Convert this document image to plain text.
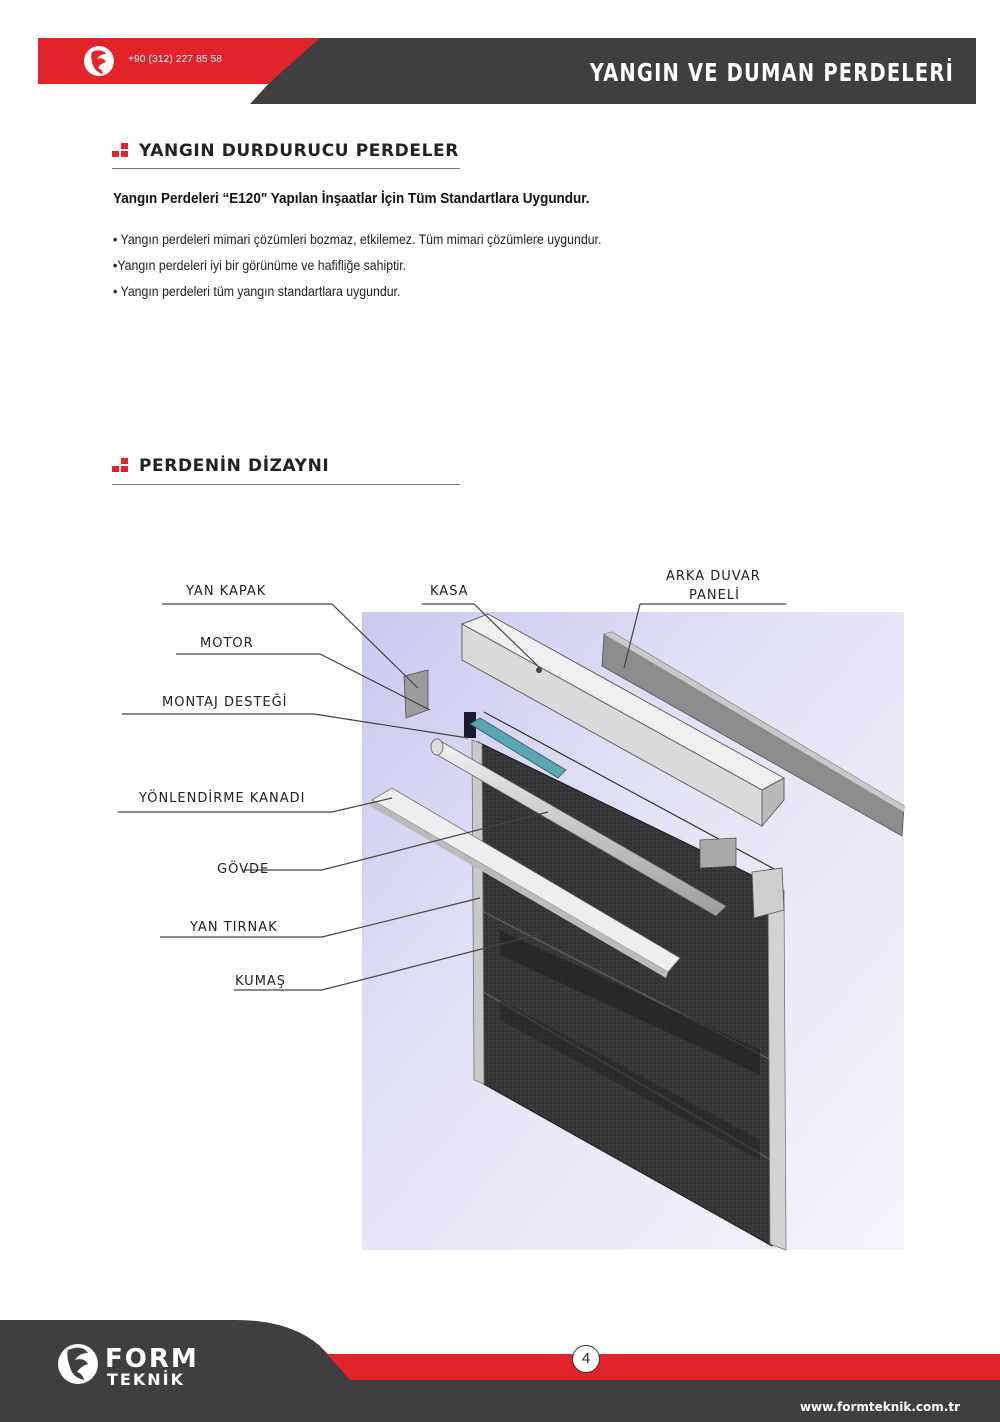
+90 (312) 227 85 58	YANGIN VE DUMAN PERDELERİ
YANGIN DURDURUCU PERDELER
Yangın Perdeleri “E120" Yapılan İnşaatlar İçin Tüm Standartlara Uygundur.
• Yangın perdeleri mimari çözümleri bozmaz, etkilemez. Tüm mimari çözümlere uygundur.
•Yangın perdeleri iyi bir görünüme ve hafifliğe sahiptir.
• Yangın perdeleri tüm yangın standartlara uygundur.
PERDENİN DİZAYNI
YAN KAPAK	KASA
ARKA DUVAR
PANELİ
MOTOR
MONTAJ DESTEĞİ
YÖNLENDİRME KANADI
GÖVDE
YAN TIRNAK
KUMAŞ
FORM
TEKNİK
4
www.formteknik.com.tr
